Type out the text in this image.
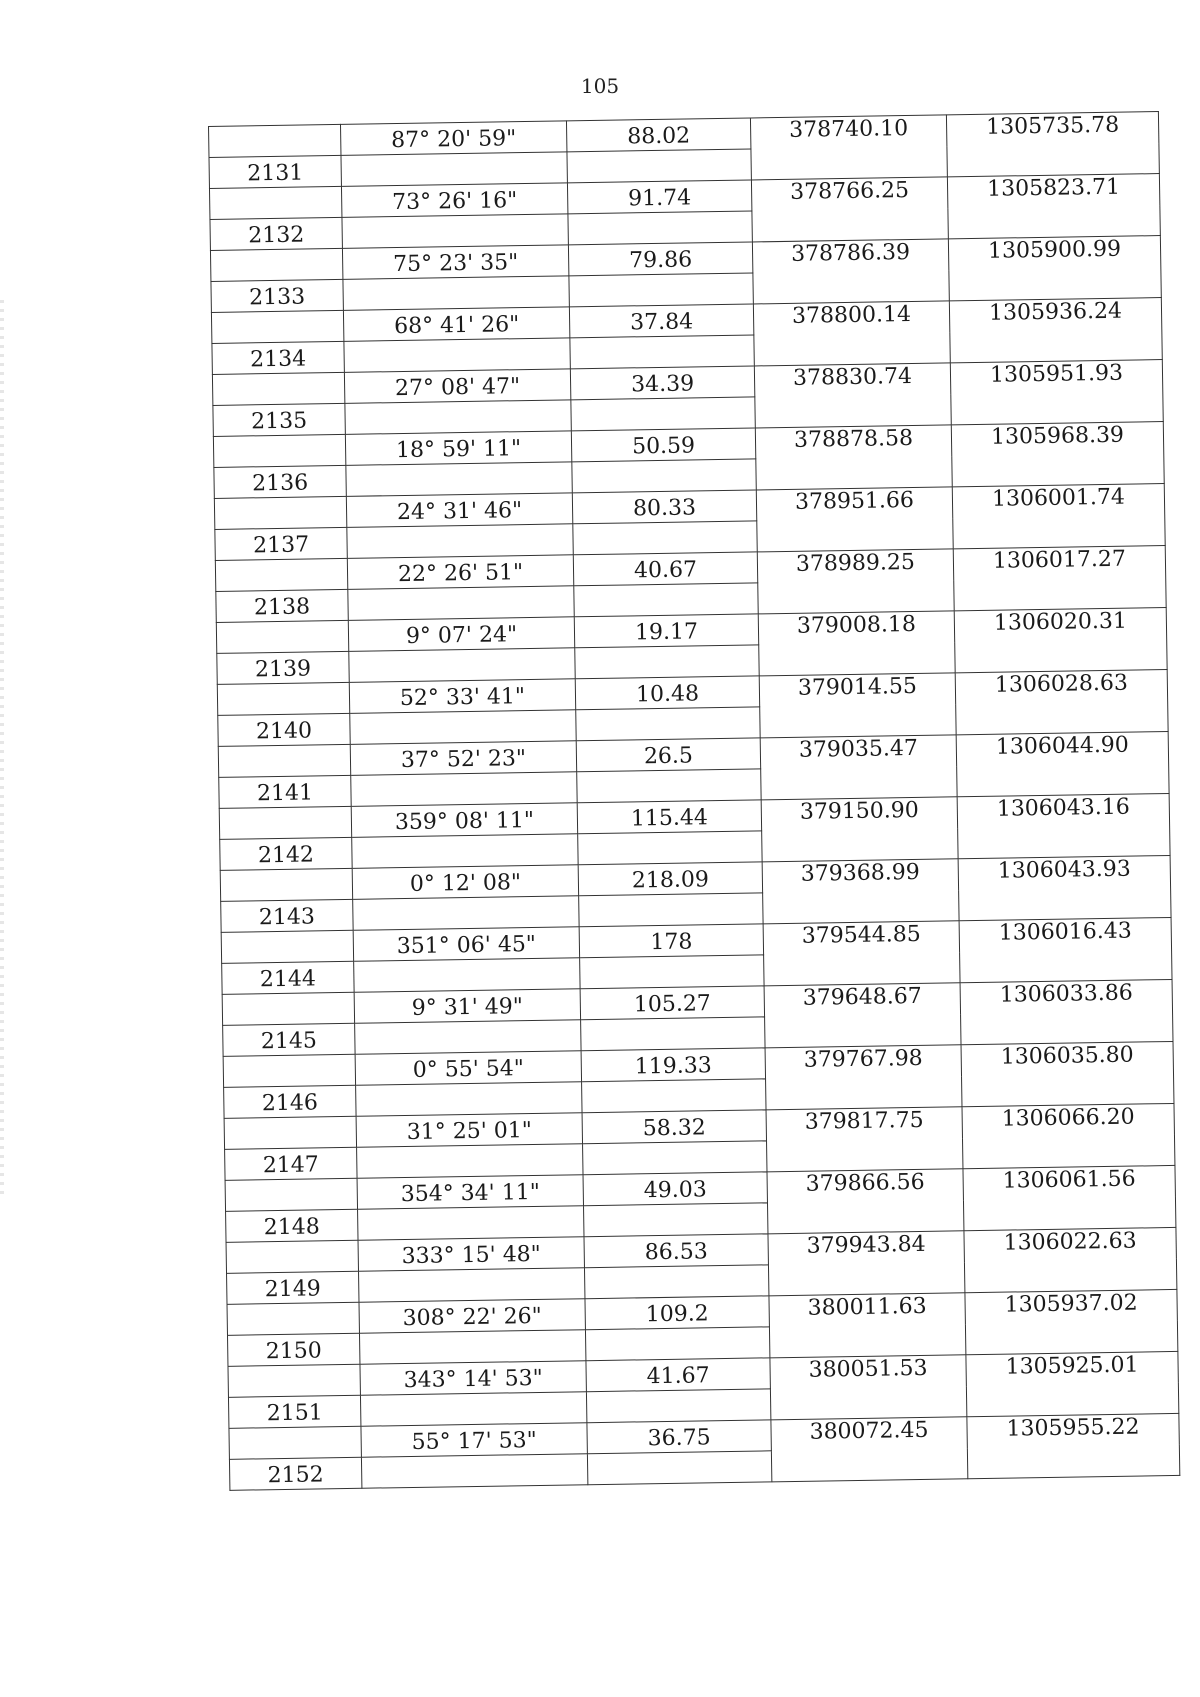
105
	87° 20' 59"	88.02	378740.10	1305735.78
2131				
	73° 26' 16"	91.74	378766.25	1305823.71
2132				
	75° 23' 35"	79.86	378786.39	1305900.99
2133				
	68° 41' 26"	37.84	378800.14	1305936.24
2134				
	27° 08' 47"	34.39	378830.74	1305951.93
2135				
	18° 59' 11"	50.59	378878.58	1305968.39
2136				
	24° 31' 46"	80.33	378951.66	1306001.74
2137				
	22° 26' 51"	40.67	378989.25	1306017.27
2138				
	9° 07' 24"	19.17	379008.18	1306020.31
2139				
	52° 33' 41"	10.48	379014.55	1306028.63
2140				
	37° 52' 23"	26.5	379035.47	1306044.90
2141				
	359° 08' 11"	115.44	379150.90	1306043.16
2142				
	0° 12' 08"	218.09	379368.99	1306043.93
2143				
	351° 06' 45"	178	379544.85	1306016.43
2144				
	9° 31' 49"	105.27	379648.67	1306033.86
2145				
	0° 55' 54"	119.33	379767.98	1306035.80
2146				
	31° 25' 01"	58.32	379817.75	1306066.20
2147				
	354° 34' 11"	49.03	379866.56	1306061.56
2148				
	333° 15' 48"	86.53	379943.84	1306022.63
2149				
	308° 22' 26"	109.2	380011.63	1305937.02
2150				
	343° 14' 53"	41.67	380051.53	1305925.01
2151				
	55° 17' 53"	36.75	380072.45	1305955.22
2152				
